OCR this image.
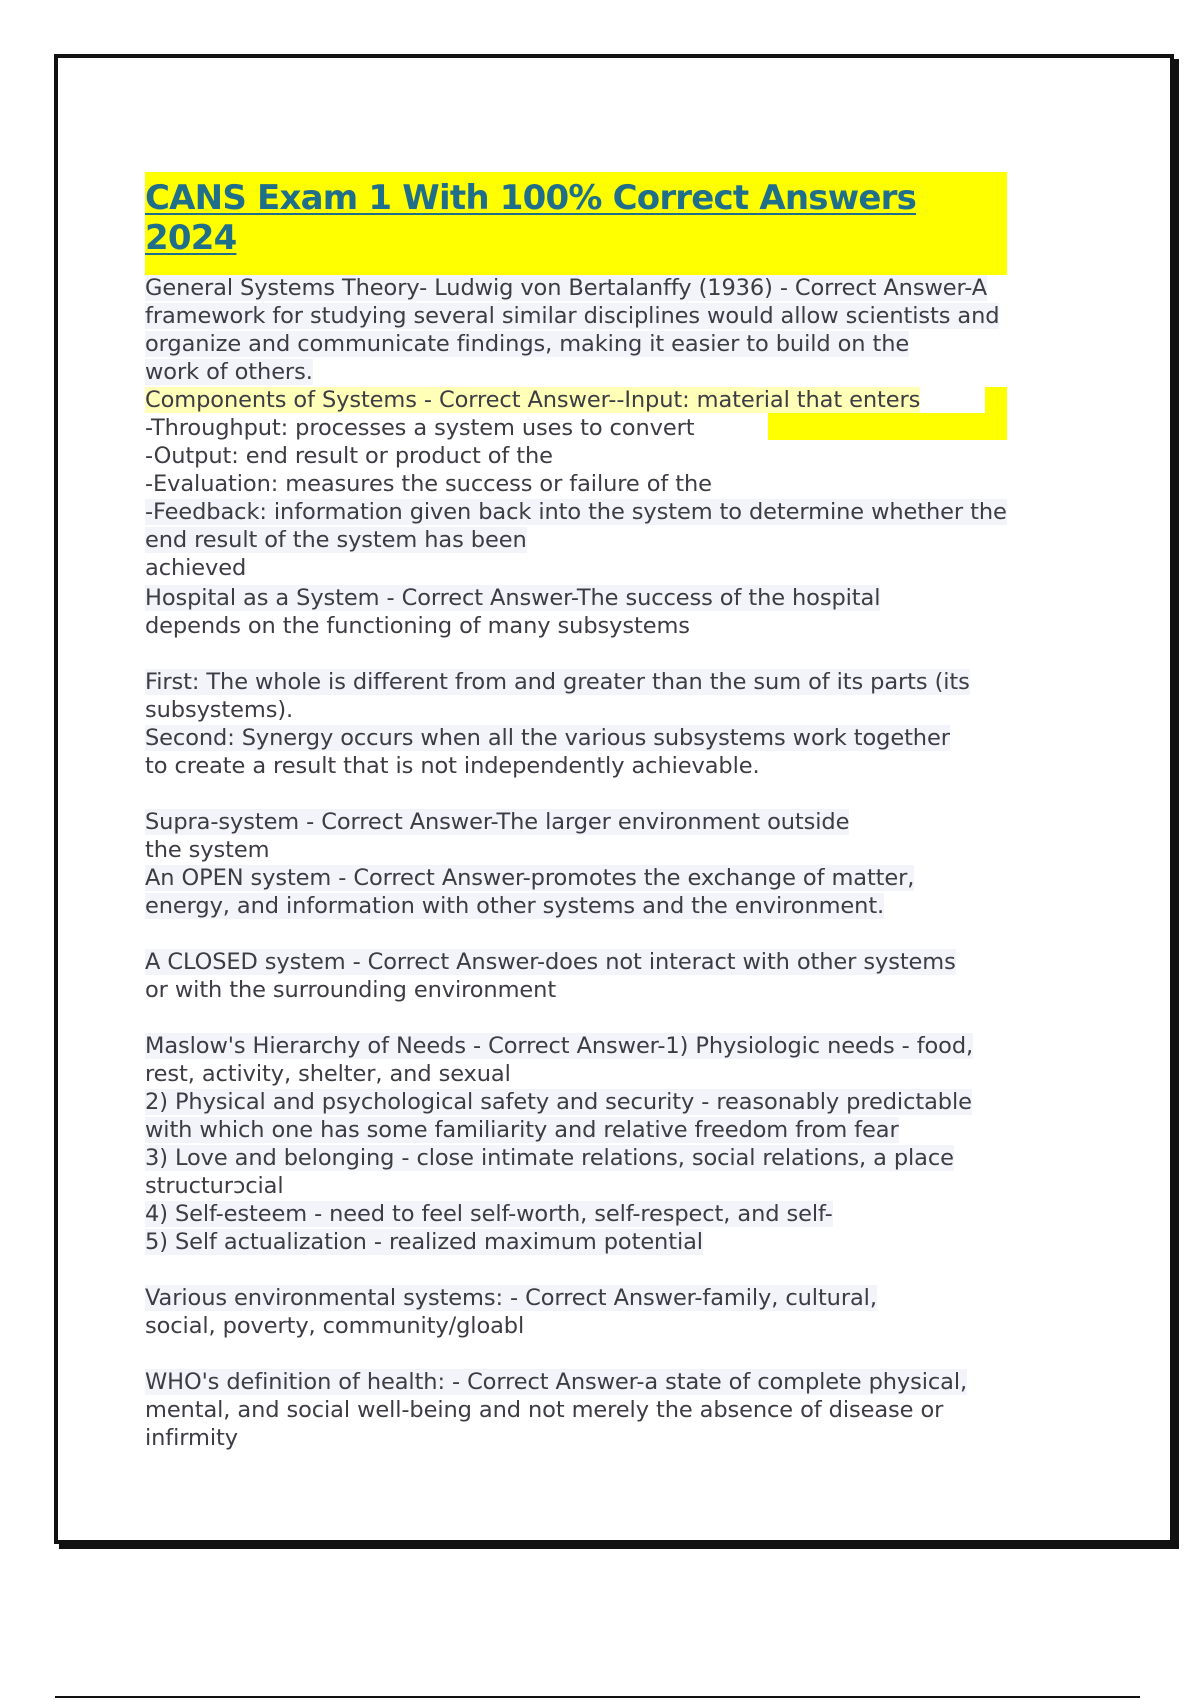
CANS Exam 1 With 100% Correct Answers 2024
General Systems Theory- Ludwig von Bertalanffy (1936) - Correct Answer-A
framework for studying several similar disciplines would allow scientists and
organize and communicate findings, making it easier to build on the
work of others.
Components of Systems - Correct Answer--Input: material that enters
-Throughput: processes a system uses to convert
-Output: end result or product of the
-Evaluation: measures the success or failure of the
-Feedback: information given back into the system to determine whether the
end result of the system has been
achieved
Hospital as a System - Correct Answer-The success of the hospital
depends on the functioning of many subsystems
First: The whole is different from and greater than the sum of its parts (its
subsystems).
Second: Synergy occurs when all the various subsystems work together
to create a result that is not independently achievable.
Supra-system - Correct Answer-The larger environment outside
the system
An OPEN system - Correct Answer-promotes the exchange of matter,
energy, and information with other systems and the environment.
A CLOSED system - Correct Answer-does not interact with other systems
or with the surrounding environment
Maslow's Hierarchy of Needs - Correct Answer-1) Physiologic needs - food,
rest, activity, shelter, and sexual
2) Physical and psychological safety and security - reasonably predictable
with which one has some familiarity and relative freedom from fear
3) Love and belonging - close intimate relations, social relations, a place
structurɔcial
4) Self-esteem - need to feel self-worth, self-respect, and self-
5) Self actualization - realized maximum potential
Various environmental systems: - Correct Answer-family, cultural,
social, poverty, community/gloabl
WHO's definition of health: - Correct Answer-a state of complete physical,
mental, and social well-being and not merely the absence of disease or
infirmity
